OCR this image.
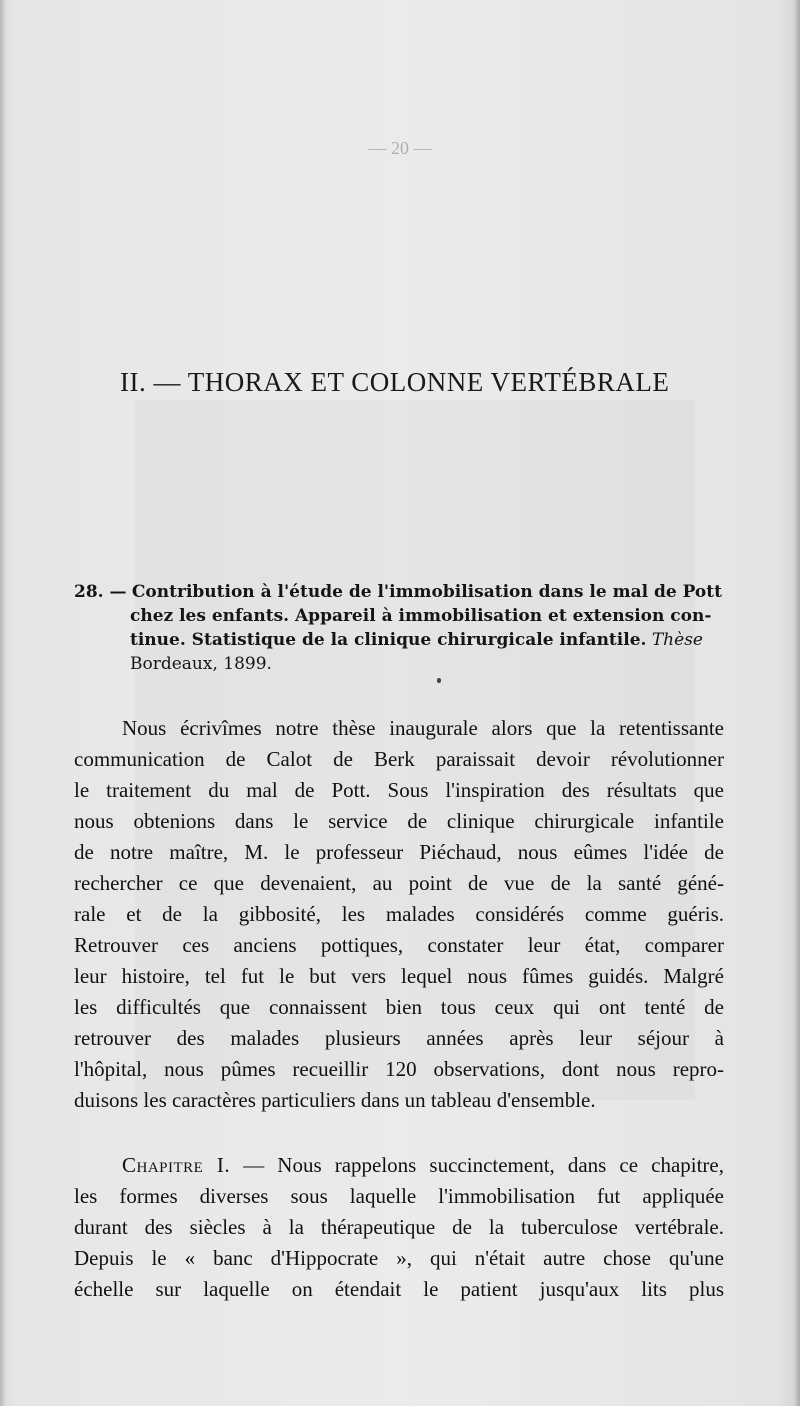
— 20 —
II. — THORAX ET COLONNE VERTÉBRALE
28. — Contribution à l'étude de l'immobilisation dans le mal de Pott
chez les enfants. Appareil à immobilisation et extension con-
tinue. Statistique de la clinique chirurgicale infantile. Thèse
Bordeaux, 1899.
Nous écrivîmes notre thèse inaugurale alors que la retentissante
communication de Calot de Berk paraissait devoir révolutionner
le traitement du mal de Pott. Sous l'inspiration des résultats que
nous obtenions dans le service de clinique chirurgicale infantile
de notre maître, M. le professeur Piéchaud, nous eûmes l'idée de
rechercher ce que devenaient, au point de vue de la santé géné-
rale et de la gibbosité, les malades considérés comme guéris.
Retrouver ces anciens pottiques, constater leur état, comparer
leur histoire, tel fut le but vers lequel nous fûmes guidés. Malgré
les difficultés que connaissent bien tous ceux qui ont tenté de
retrouver des malades plusieurs années après leur séjour à
l'hôpital, nous pûmes recueillir 120 observations, dont nous repro-
duisons les caractères particuliers dans un tableau d'ensemble.
Chapitre I. — Nous rappelons succinctement, dans ce chapitre,
les formes diverses sous laquelle l'immobilisation fut appliquée
durant des siècles à la thérapeutique de la tuberculose vertébrale.
Depuis le « banc d'Hippocrate », qui n'était autre chose qu'une
échelle sur laquelle on étendait le patient jusqu'aux lits plus
